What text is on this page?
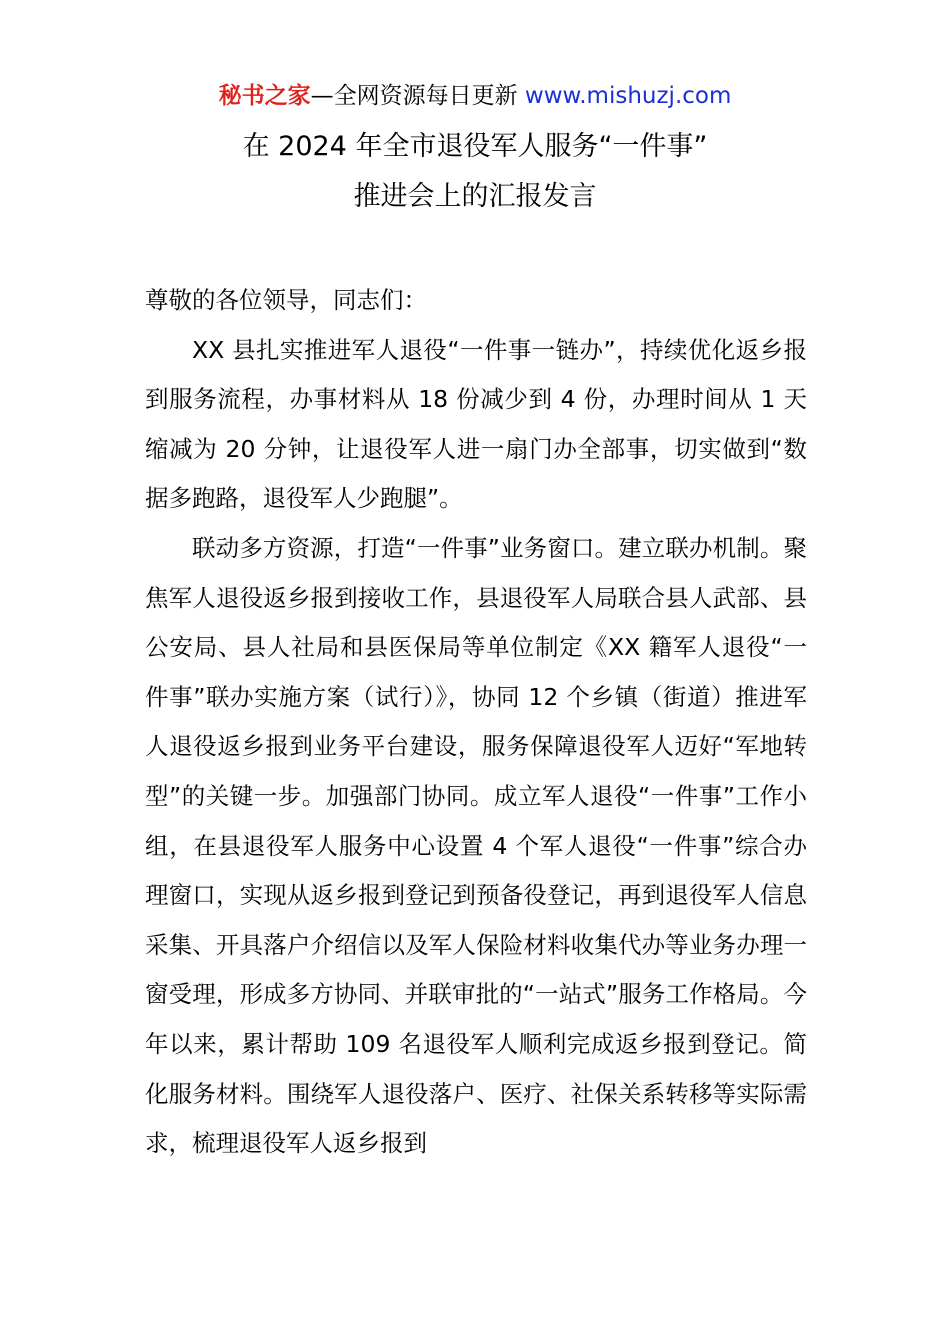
秘书之家—全网资源每日更新 www.mishuzj.com
在 2024 年全市退役军人服务“一件事”
推进会上的汇报发言

尊敬的各位领导，同志们：

XX 县扎实推进军人退役“一件事一链办”，持续优化返乡报到服务流程，办事材料从 18 份减少到 4 份，办理时间从 1 天缩减为 20 分钟，让退役军人进一扇门办全部事，切实做到“数据多跑路，退役军人少跑腿”。

联动多方资源，打造“一件事”业务窗口。建立联办机制。聚焦军人退役返乡报到接收工作，县退役军人局联合县人武部、县公安局、县人社局和县医保局等单位制定《XX 籍军人退役“一件事”联办实施方案（试行）》，协同 12 个乡镇（街道）推进军人退役返乡报到业务平台建设，服务保障退役军人迈好“军地转型”的关键一步。加强部门协同。成立军人退役“一件事”工作小组，在县退役军人服务中心设置 4 个军人退役“一件事”综合办理窗口，实现从返乡报到登记到预备役登记，再到退役军人信息采集、开具落户介绍信以及军人保险材料收集代办等业务办理一窗受理，形成多方协同、并联审批的“一站式”服务工作格局。今年以来，累计帮助 109 名退役军人顺利完成返乡报到登记。简化服务材料。围绕军人退役落户、医疗、社保关系转移等实际需求，梳理退役军人返乡报到
